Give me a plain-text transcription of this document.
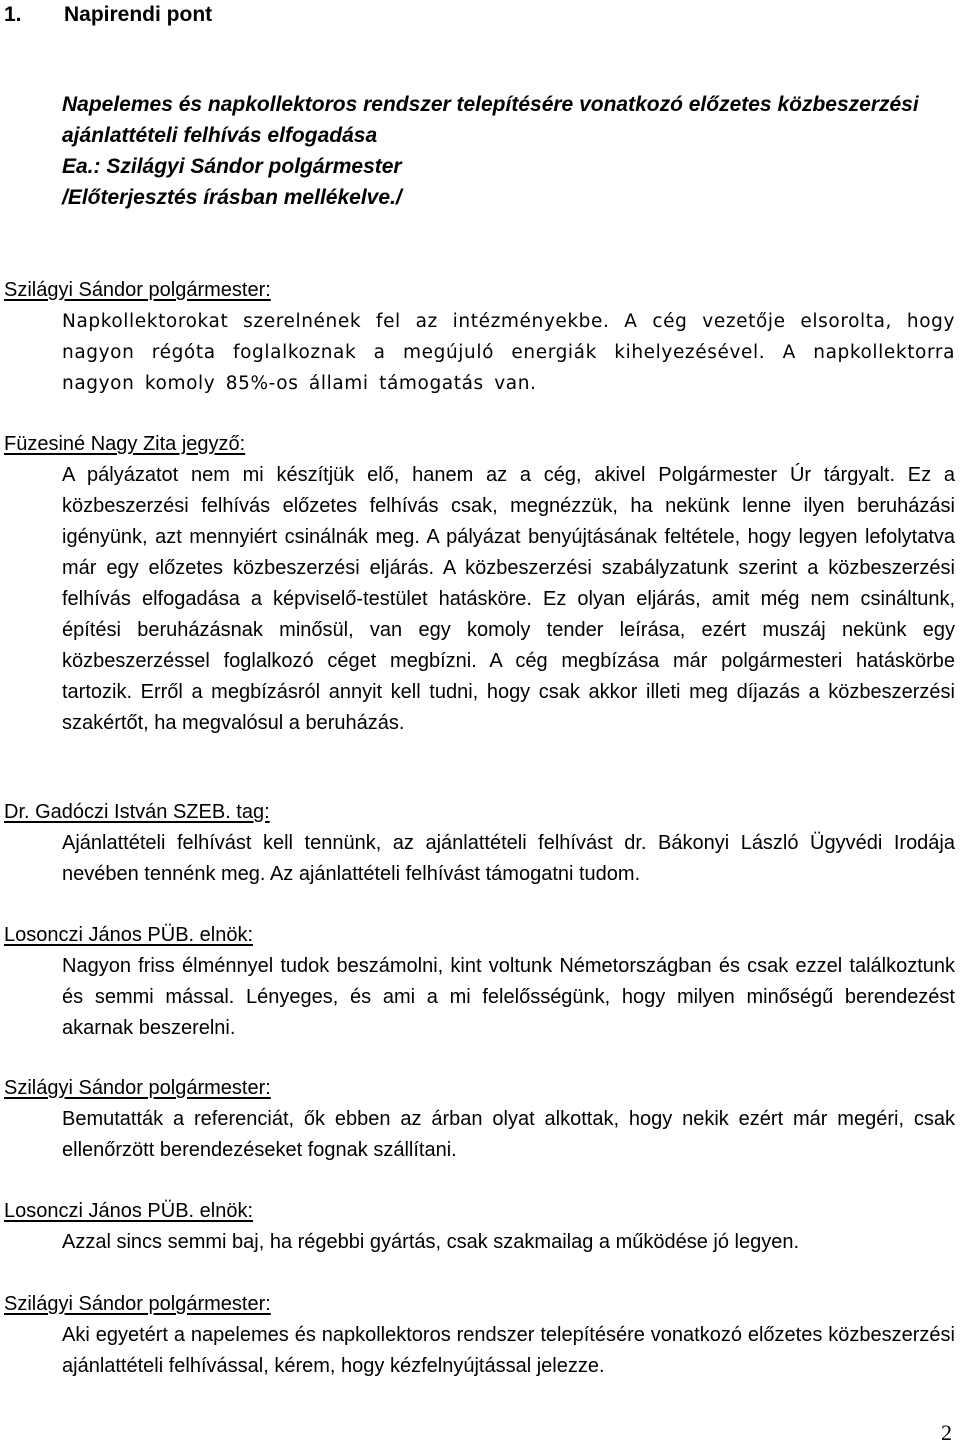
1. Napirendi pont
Napelemes és napkollektoros rendszer telepítésére vonatkozó előzetes közbeszerzési
ajánlattételi felhívás elfogadása
Ea.: Szilágyi Sándor polgármester
/Előterjesztés írásban mellékelve./
Szilágyi Sándor polgármester:
Napkollektorokat szerelnének fel az intézményekbe. A cég vezetője elsorolta, hogy nagyon régóta foglalkoznak a megújuló energiák kihelyezésével. A napkollektorra nagyon komoly 85%-os állami támogatás van.
Füzesiné Nagy Zita jegyző:
A pályázatot nem mi készítjük elő, hanem az a cég, akivel Polgármester Úr tárgyalt. Ez a közbeszerzési felhívás előzetes felhívás csak, megnézzük, ha nekünk lenne ilyen beruházási igényünk, azt mennyiért csinálnák meg. A pályázat benyújtásának feltétele, hogy legyen lefolytatva már egy előzetes közbeszerzési eljárás. A közbeszerzési szabályzatunk szerint a közbeszerzési felhívás elfogadása a képviselő-testület hatásköre. Ez olyan eljárás, amit még nem csináltunk, építési beruházásnak minősül, van egy komoly tender leírása, ezért muszáj nekünk egy közbeszerzéssel foglalkozó céget megbízni. A cég megbízása már polgármesteri hatáskörbe tartozik. Erről a megbízásról annyit kell tudni, hogy csak akkor illeti meg díjazás a közbeszerzési szakértőt, ha megvalósul a beruházás.
Dr. Gadóczi István SZEB. tag:
Ajánlattételi felhívást kell tennünk, az ajánlattételi felhívást dr. Bákonyi László Ügyvédi Irodája nevében tennénk meg. Az ajánlattételi felhívást támogatni tudom.
Losonczi János PÜB. elnök:
Nagyon friss élménnyel tudok beszámolni, kint voltunk Németországban és csak ezzel találkoztunk és semmi mással. Lényeges, és ami a mi felelősségünk, hogy milyen minőségű berendezést akarnak beszerelni.
Szilágyi Sándor polgármester:
Bemutatták a referenciát, ők ebben az árban olyat alkottak, hogy nekik ezért már megéri, csak ellenőrzött berendezéseket fognak szállítani.
Losonczi János PÜB. elnök:
Azzal sincs semmi baj, ha régebbi gyártás, csak szakmailag a működése jó legyen.
Szilágyi Sándor polgármester:
Aki egyetért a napelemes és napkollektoros rendszer telepítésére vonatkozó előzetes közbeszerzési ajánlattételi felhívással, kérem, hogy kézfelnyújtással jelezze.
2
